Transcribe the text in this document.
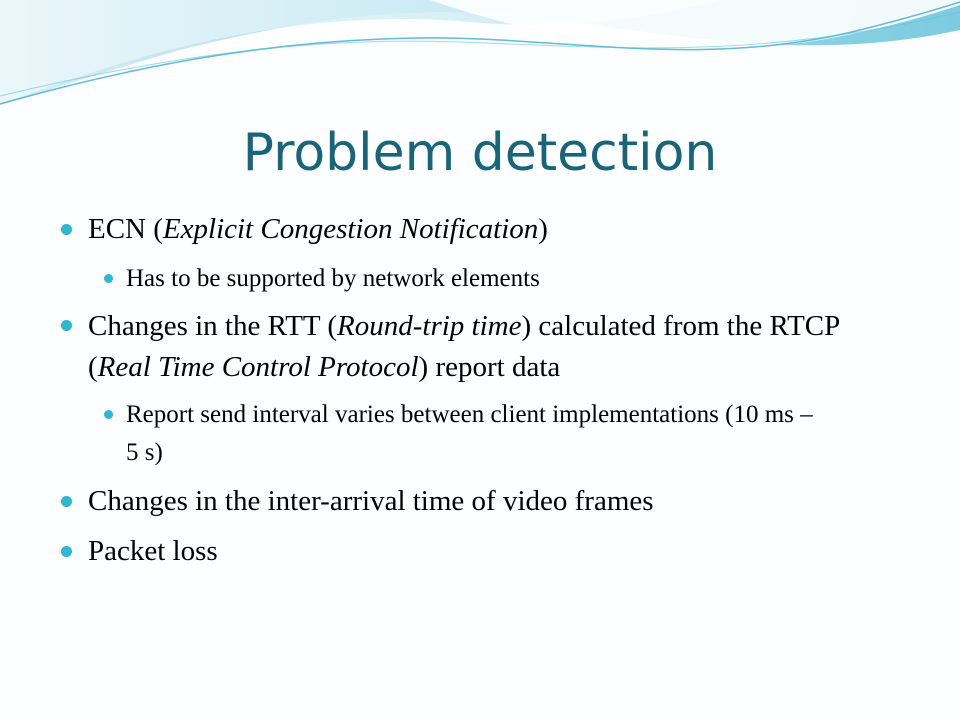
Problem detection

ECN (Explicit Congestion Notification)

Has to be supported by network elements

Changes in the RTT (Round-trip time) calculated from the RTCP (Real Time Control Protocol) report data

Report send interval varies between client implementations (10 ms – 5 s)

Changes in the inter-arrival time of video frames

Packet loss
